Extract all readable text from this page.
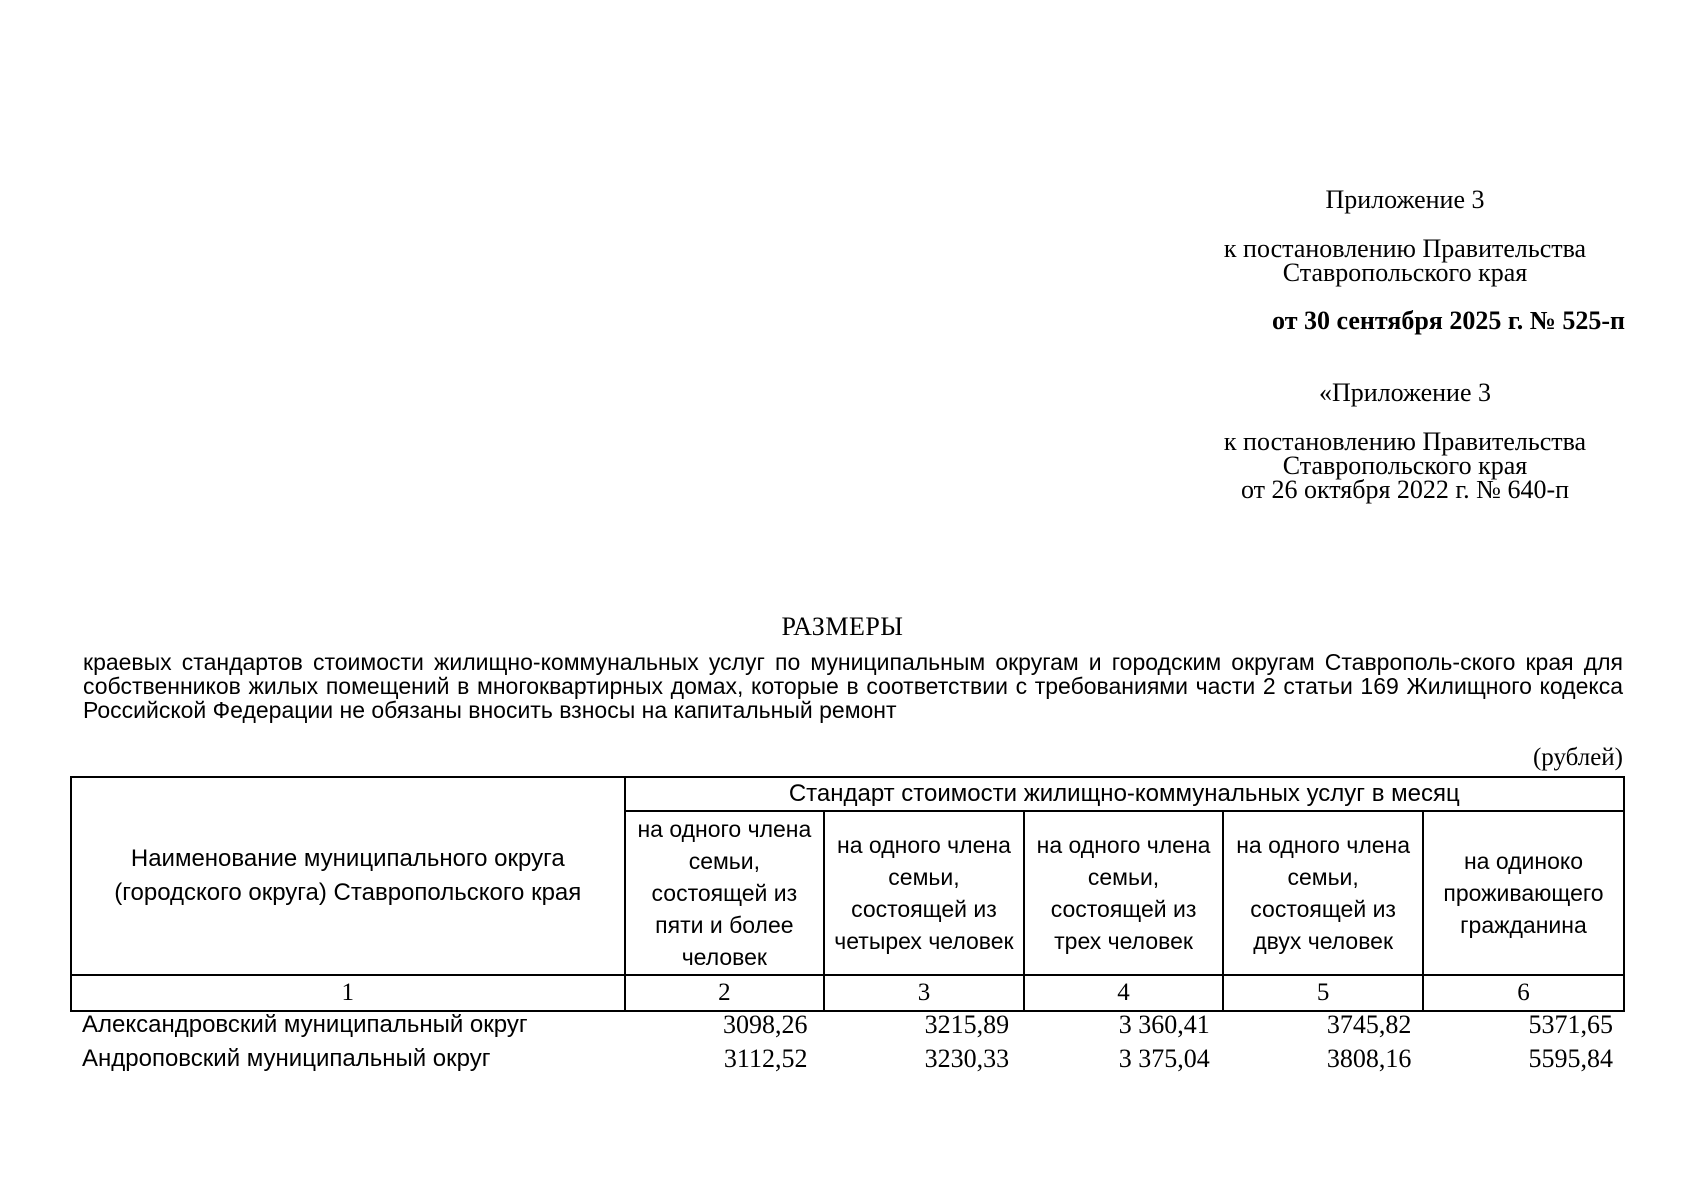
Приложение 3
к постановлению Правительства
Ставропольского края
от 30 сентября 2025 г. № 525-п
«Приложение 3
к постановлению Правительства
Ставропольского края
от 26 октября 2022 г. № 640-п
РАЗМЕРЫ
краевых стандартов стоимости жилищно-коммунальных услуг по муниципальным округам и городским округам Ставрополь-ского края для собственников жилых помещений в многоквартирных домах, которые в соответствии с требованиями части 2 статьи 169 Жилищного кодекса Российской Федерации не обязаны вносить взносы на капитальный ремонт
(рублей)
Наименование муниципального округа (городского округа) Ставропольского края	Стандарт стоимости жилищно-коммунальных услуг в месяц				
	на одного члена семьи, состоящей из пяти и более человек	на одного члена семьи, состоящей из четырех человек	на одного члена семьи, состоящей из трех человек	на одного члена семьи, состоящей из двух человек	на одиноко проживающего гражданина
1	2	3	4	5	6
Александровский муниципальный округ	3098,26	3215,89	3 360,41	3745,82	5371,65
Андроповский муниципальный округ	3112,52	3230,33	3 375,04	3808,16	5595,84
